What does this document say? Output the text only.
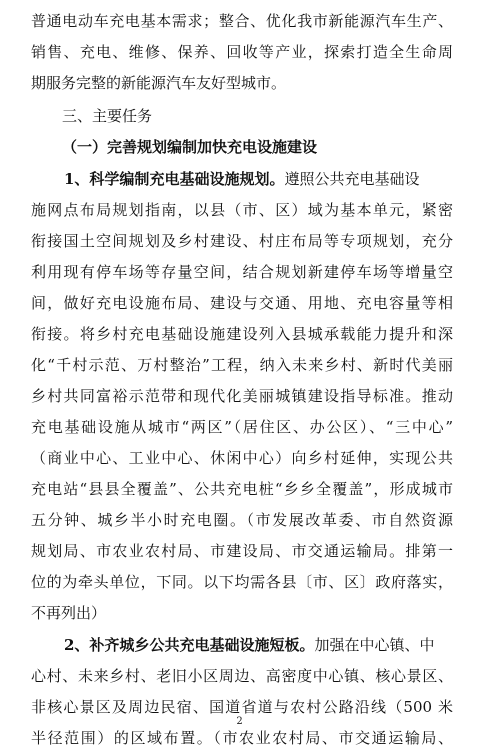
普通电动车充电基本需求；整合、优化我市新能源汽车生产、
销售、充电、维修、保养、回收等产业，探索打造全生命周
期服务完整的新能源汽车友好型城市。
三、主要任务
（一）完善规划编制加快充电设施建设
1、科学编制充电基础设施规划。遵照公共充电基础设
施网点布局规划指南，以县（市、区）域为基本单元，紧密
衔接国土空间规划及乡村建设、村庄布局等专项规划，充分
利用现有停车场等存量空间，结合规划新建停车场等增量空
间，做好充电设施布局、建设与交通、用地、充电容量等相
衔接。将乡村充电基础设施建设列入县城承载能力提升和深
化“千村示范、万村整治”工程，纳入未来乡村、新时代美丽
乡村共同富裕示范带和现代化美丽城镇建设指导标准。推动
充电基础设施从城市“两区”（居住区、办公区）、“三中心”
（商业中心、工业中心、休闲中心）向乡村延伸，实现公共
充电站“县县全覆盖”、公共充电桩“乡乡全覆盖”，形成城市
五分钟、城乡半小时充电圈。（市发展改革委、市自然资源
规划局、市农业农村局、市建设局、市交通运输局。排第一
位的为牵头单位，下同。以下均需各县〔市、区〕政府落实，
不再列出）
2、补齐城乡公共充电基础设施短板。加强在中心镇、中
心村、未来乡村、老旧小区周边、高密度中心镇、核心景区、
非核心景区及周边民宿、国道省道与农村公路沿线（500 米
半径范围）的区域布置。（市农业农村局、市交通运输局、
2
